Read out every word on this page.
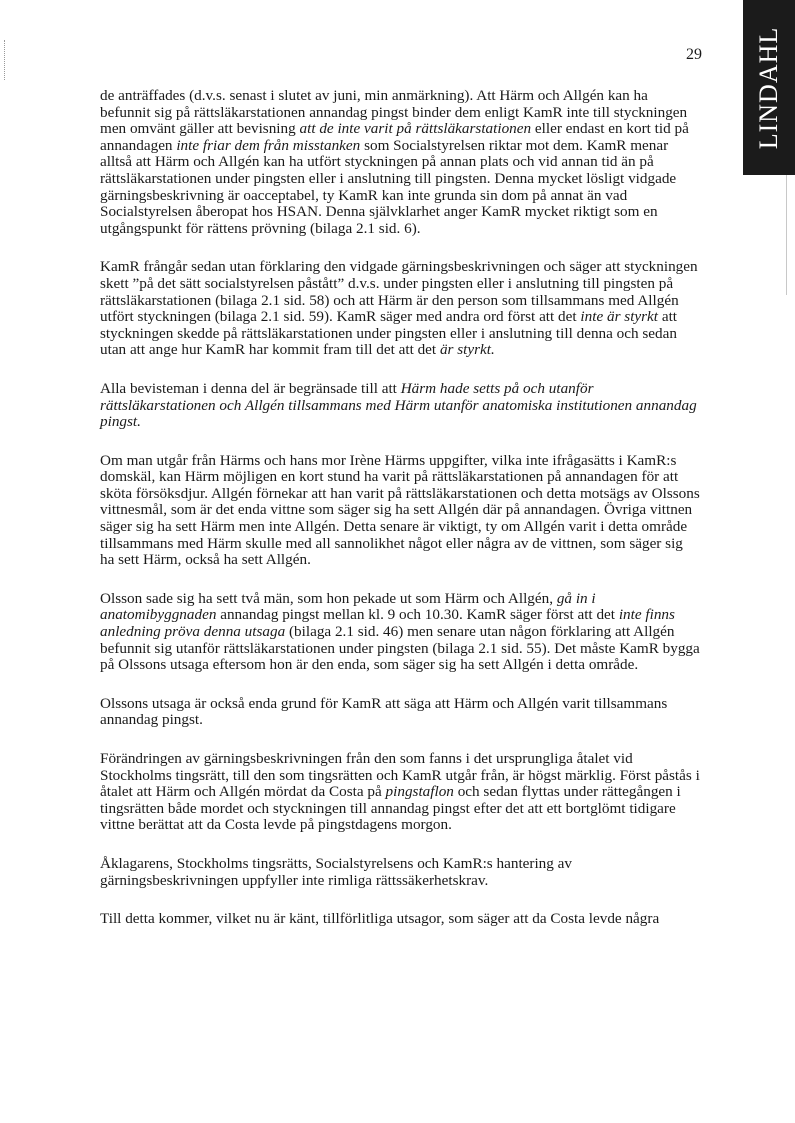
LINDAHL
29

de anträffades (d.v.s. senast i slutet av juni, min anmärkning). Att Härm och Allgén kan ha befunnit sig på rättsläkarstationen annandag pingst binder dem enligt KamR inte till styckningen men omvänt gäller att bevisning att de inte varit på rättsläkarstationen eller endast en kort tid på annandagen inte friar dem från misstanken som Socialstyrelsen riktar mot dem. KamR menar alltså att Härm och Allgén kan ha utfört styckningen på annan plats och vid annan tid än på rättsläkarstationen under pingsten eller i anslutning till pingsten. Denna mycket lösligt vidgade gärningsbeskrivning är oacceptabel, ty KamR kan inte grunda sin dom på annat än vad Socialstyrelsen åberopat hos HSAN. Denna självklarhet anger KamR mycket riktigt som en utgångspunkt för rättens prövning (bilaga 2.1 sid. 6).

KamR frångår sedan utan förklaring den vidgade gärningsbeskrivningen och säger att styckningen skett ”på det sätt socialstyrelsen påstått” d.v.s. under pingsten eller i anslutning till pingsten på rättsläkarstationen (bilaga 2.1 sid. 58) och att Härm är den person som tillsammans med Allgén utfört styckningen (bilaga 2.1 sid. 59). KamR säger med andra ord först att det inte är styrkt att styckningen skedde på rättsläkarstationen under pingsten eller i anslutning till denna och sedan utan att ange hur KamR har kommit fram till det att det är styrkt.

Alla bevisteman i denna del är begränsade till att Härm hade setts på och utanför rättsläkarstationen och Allgén tillsammans med Härm utanför anatomiska institutionen annandag pingst.

Om man utgår från Härms och hans mor Irène Härms uppgifter, vilka inte ifrågasätts i KamR:s domskäl, kan Härm möjligen en kort stund ha varit på rättsläkarstationen på annandagen för att sköta försöksdjur. Allgén förnekar att han varit på rättsläkarstationen och detta motsägs av Olssons vittnesmål, som är det enda vittne som säger sig ha sett Allgén där på annandagen. Övriga vittnen säger sig ha sett Härm men inte Allgén. Detta senare är viktigt, ty om Allgén varit i detta område tillsammans med Härm skulle med all sannolikhet något eller några av de vittnen, som säger sig ha sett Härm, också ha sett Allgén.

Olsson sade sig ha sett två män, som hon pekade ut som Härm och Allgén, gå in i anatomibyggnaden annandag pingst mellan kl. 9 och 10.30. KamR säger först att det inte finns anledning pröva denna utsaga (bilaga 2.1 sid. 46) men senare utan någon förklaring att Allgén befunnit sig utanför rättsläkarstationen under pingsten (bilaga 2.1 sid. 55). Det måste KamR bygga på Olssons utsaga eftersom hon är den enda, som säger sig ha sett Allgén i detta område.

Olssons utsaga är också enda grund för KamR att säga att Härm och Allgén varit tillsammans annandag pingst.

Förändringen av gärningsbeskrivningen från den som fanns i det ursprungliga åtalet vid Stockholms tingsrätt, till den som tingsrätten och KamR utgår från, är högst märklig. Först påstås i åtalet att Härm och Allgén mördat da Costa på pingstaflon och sedan flyttas under rättegången i tingsrätten både mordet och styckningen till annandag pingst efter det att ett bortglömt tidigare vittne berättat att da Costa levde på pingstdagens morgon.

Åklagarens, Stockholms tingsrätts, Socialstyrelsens och KamR:s hantering av gärningsbeskrivningen uppfyller inte rimliga rättssäkerhetskrav.

Till detta kommer, vilket nu är känt, tillförlitliga utsagor, som säger att da Costa levde några
